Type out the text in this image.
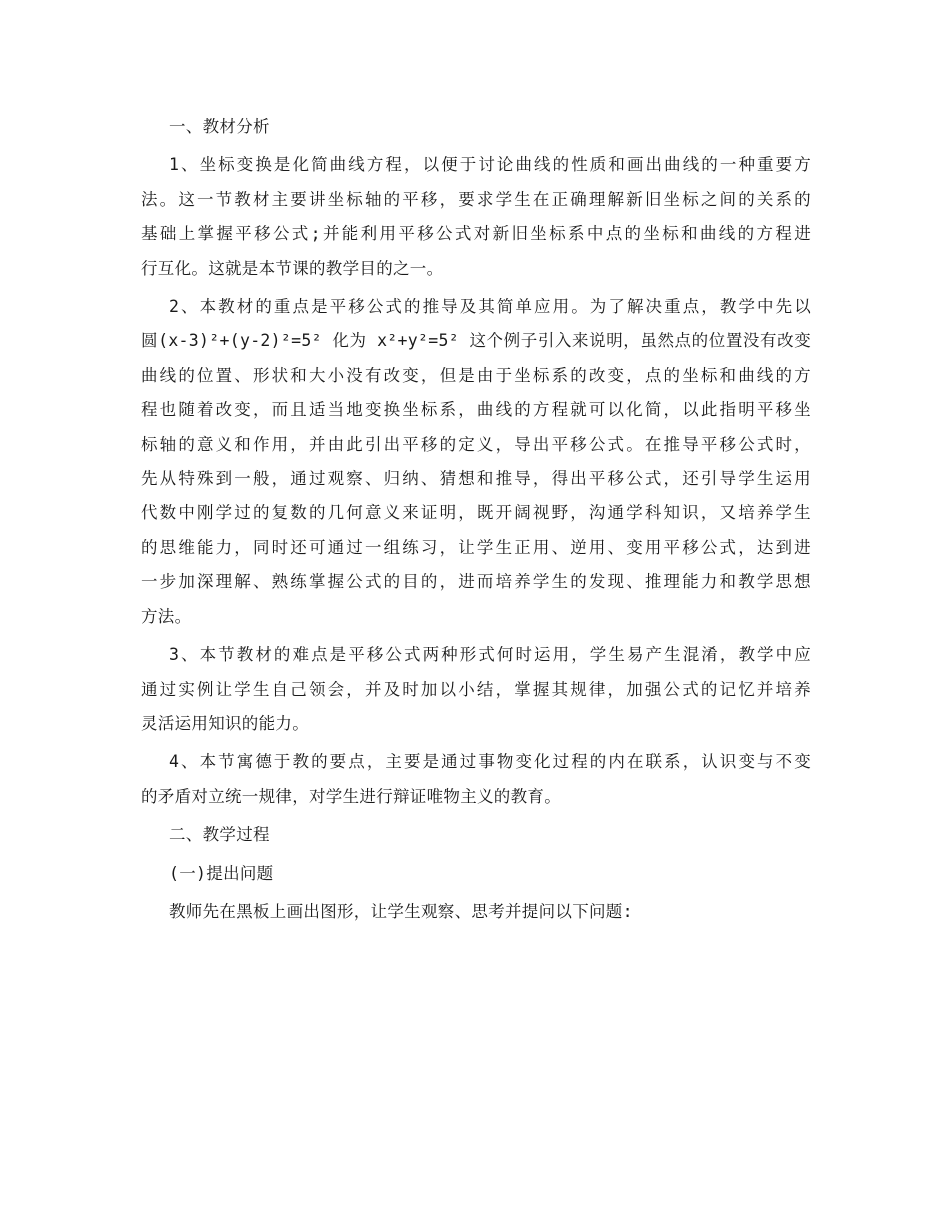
一、教材分析
1、坐标变换是化简曲线方程，以便于讨论曲线的性质和画出曲线的一种重要方
法。这一节教材主要讲坐标轴的平移，要求学生在正确理解新旧坐标之间的关系的
基础上掌握平移公式;并能利用平移公式对新旧坐标系中点的坐标和曲线的方程进
行互化。这就是本节课的教学目的之一。
2、本教材的重点是平移公式的推导及其简单应用。为了解决重点，教学中先以
圆(x-3)²+(y-2)²=5² 化为 x²+y²=5² 这个例子引入来说明，虽然点的位置没有改变
曲线的位置、形状和大小没有改变，但是由于坐标系的改变，点的坐标和曲线的方
程也随着改变，而且适当地变换坐标系，曲线的方程就可以化简，以此指明平移坐
标轴的意义和作用，并由此引出平移的定义，导出平移公式。在推导平移公式时，
先从特殊到一般，通过观察、归纳、猜想和推导，得出平移公式，还引导学生运用
代数中刚学过的复数的几何意义来证明，既开阔视野，沟通学科知识，又培养学生
的思维能力，同时还可通过一组练习，让学生正用、逆用、变用平移公式，达到进
一步加深理解、熟练掌握公式的目的，进而培养学生的发现、推理能力和教学思想
方法。
3、本节教材的难点是平移公式两种形式何时运用，学生易产生混淆，教学中应
通过实例让学生自己领会，并及时加以小结，掌握其规律，加强公式的记忆并培养
灵活运用知识的能力。
4、本节寓德于教的要点，主要是通过事物变化过程的内在联系，认识变与不变
的矛盾对立统一规律，对学生进行辩证唯物主义的教育。
二、教学过程
(一)提出问题
教师先在黑板上画出图形，让学生观察、思考并提问以下问题:
